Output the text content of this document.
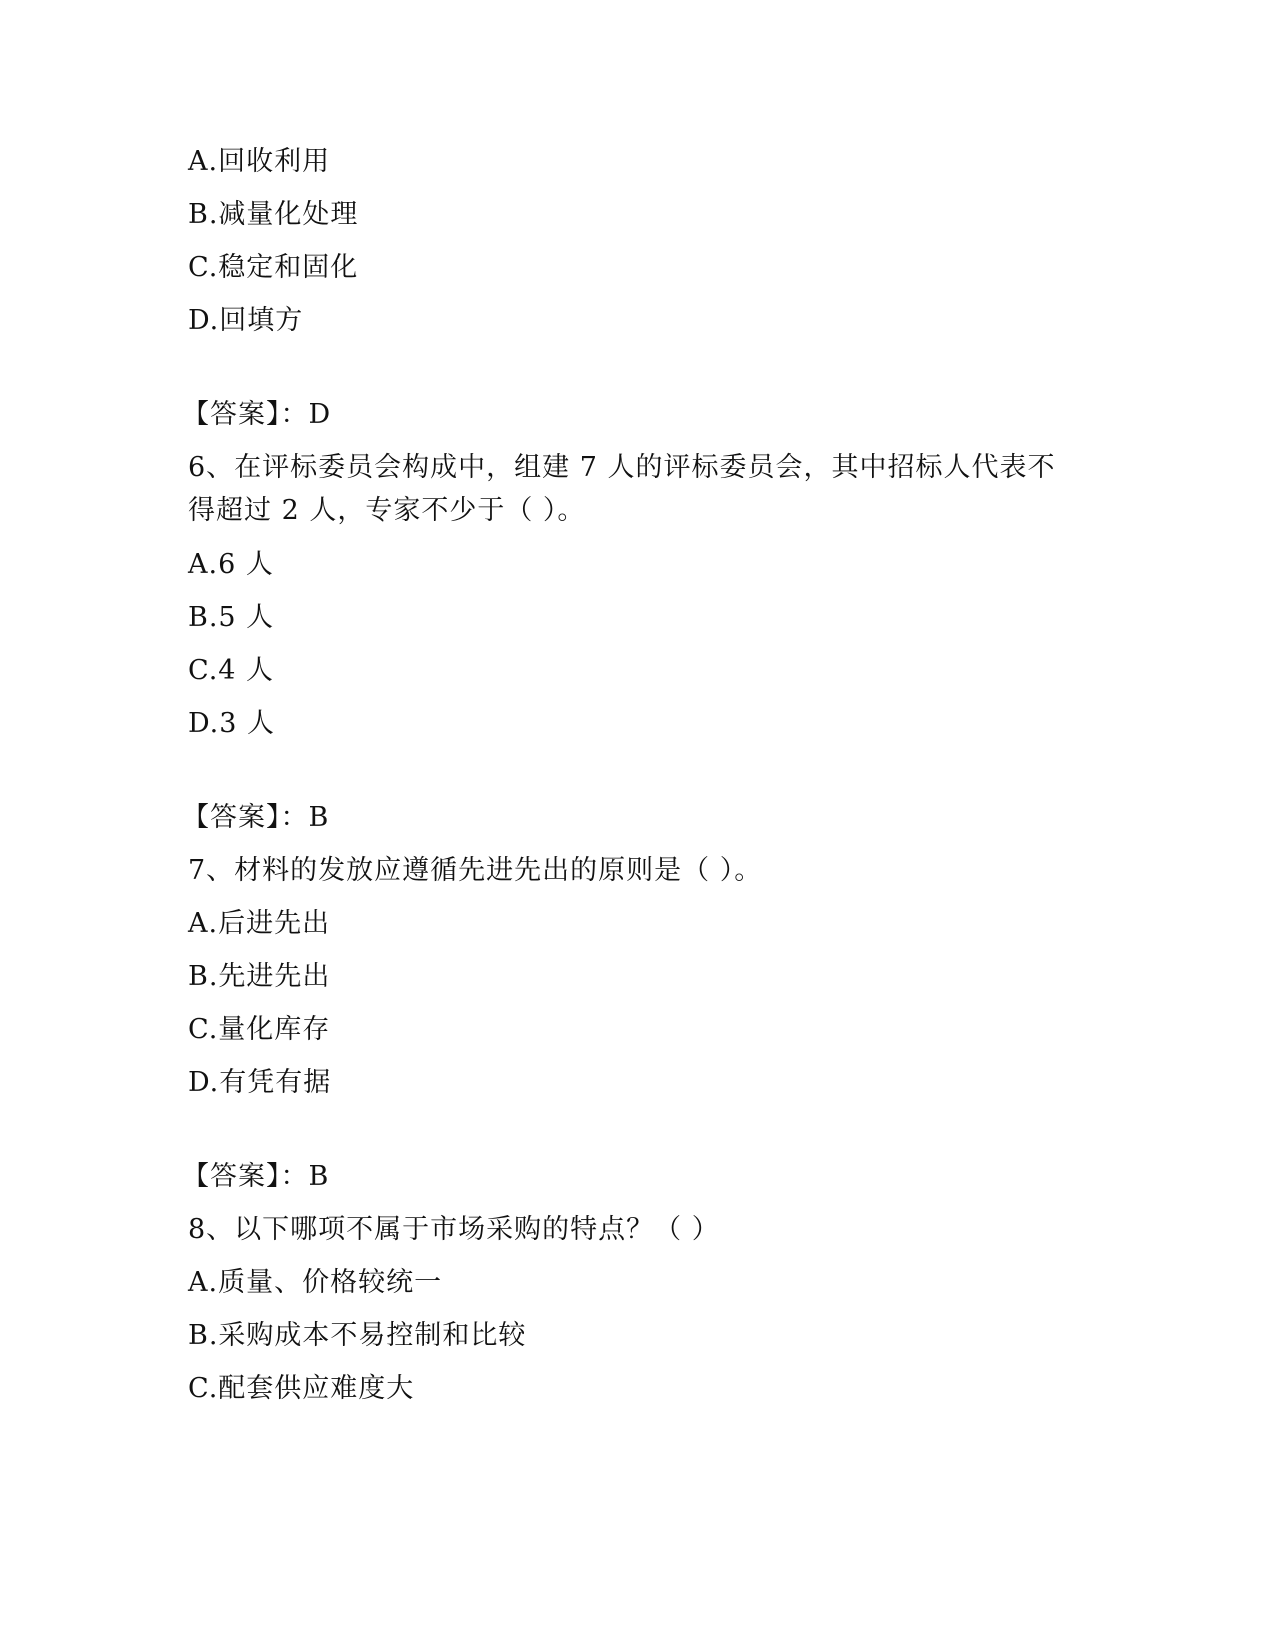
A.回收利用
B.减量化处理
C.稳定和固化
D.回填方
【答案】：D
6、在评标委员会构成中，组建 7 人的评标委员会，其中招标人代表不
得超过 2 人，专家不少于（ ）。
A.6 人
B.5 人
C.4 人
D.3 人
【答案】：B
7、材料的发放应遵循先进先出的原则是（ ）。
A.后进先出
B.先进先出
C.量化库存
D.有凭有据
【答案】：B
8、以下哪项不属于市场采购的特点？（ ）
A.质量、价格较统一
B.采购成本不易控制和比较
C.配套供应难度大
